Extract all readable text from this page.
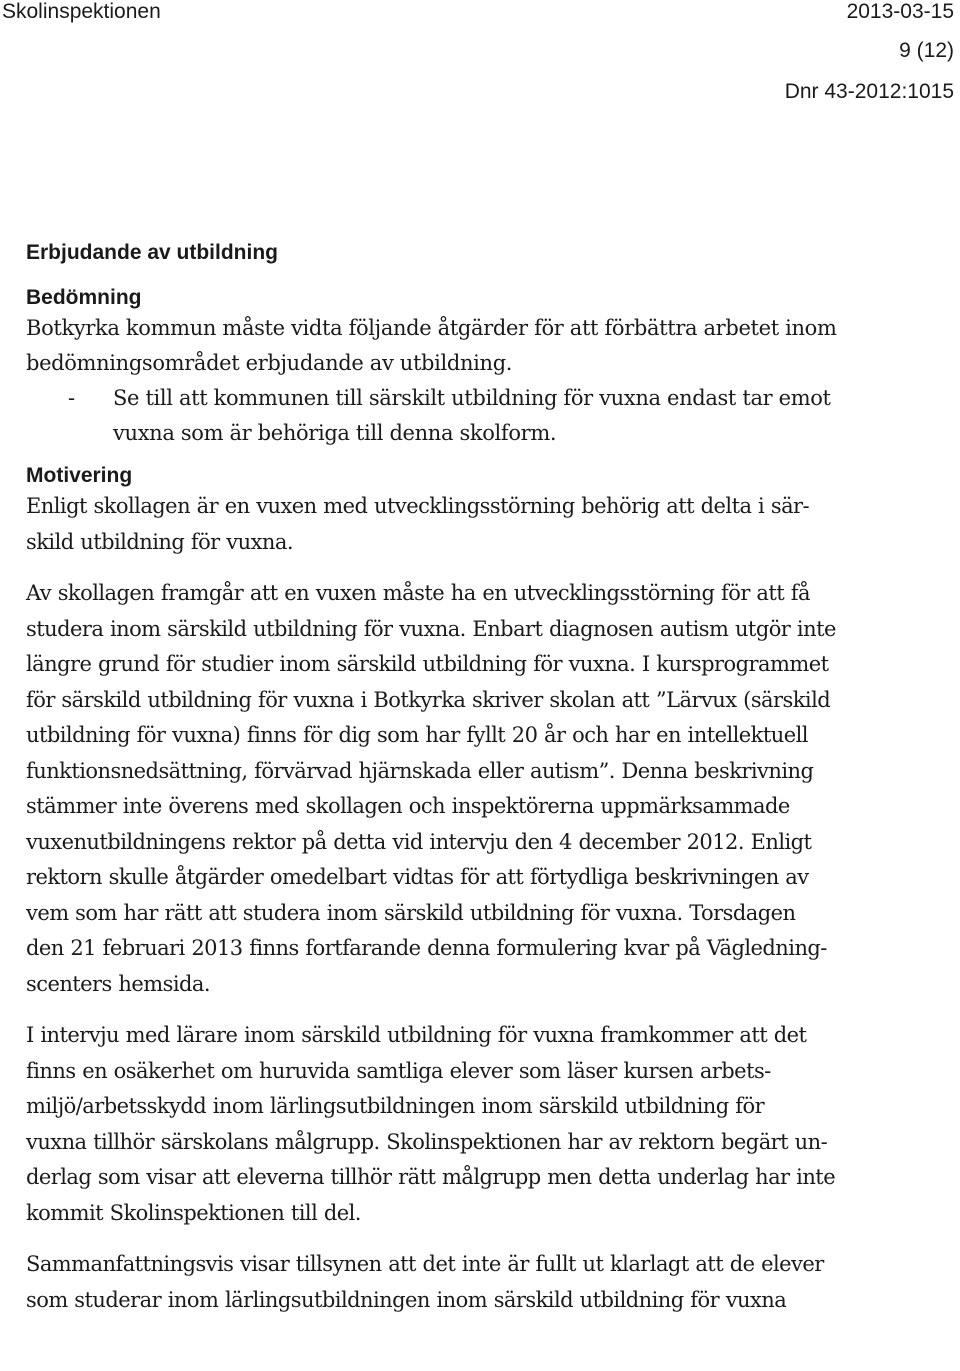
Skolinspektionen	2013-03-15
9 (12)
Dnr 43-2012:1015
Erbjudande av utbildning
Bedömning

Botkyrka kommun måste vidta följande åtgärder för att förbättra arbetet inom
bedömningsområdet erbjudande av utbildning.

-	Se till att kommunen till särskilt utbildning för vuxna endast tar emot
vuxna som är behöriga till denna skolform.
Motivering

Enligt skollagen är en vuxen med utvecklingsstörning behörig att delta i sär-
skild utbildning för vuxna.

Av skollagen framgår att en vuxen måste ha en utvecklingsstörning för att få
studera inom särskild utbildning för vuxna. Enbart diagnosen autism utgör inte
längre grund för studier inom särskild utbildning för vuxna. I kursprogrammet
för särskild utbildning för vuxna i Botkyrka skriver skolan att ”Lärvux (särskild
utbildning för vuxna) finns för dig som har fyllt 20 år och har en intellektuell
funktionsnedsättning, förvärvad hjärnskada eller autism”. Denna beskrivning
stämmer inte överens med skollagen och inspektörerna uppmärksammade
vuxenutbildningens rektor på detta vid intervju den 4 december 2012. Enligt
rektorn skulle åtgärder omedelbart vidtas för att förtydliga beskrivningen av
vem som har rätt att studera inom särskild utbildning för vuxna. Torsdagen
den 21 februari 2013 finns fortfarande denna formulering kvar på Vägledning-
scenters hemsida.

I intervju med lärare inom särskild utbildning för vuxna framkommer att det
finns en osäkerhet om huruvida samtliga elever som läser kursen arbets-
miljö/arbetsskydd inom lärlingsutbildningen inom särskild utbildning för
vuxna tillhör särskolans målgrupp. Skolinspektionen har av rektorn begärt un-
derlag som visar att eleverna tillhör rätt målgrupp men detta underlag har inte
kommit Skolinspektionen till del.

Sammanfattningsvis visar tillsynen att det inte är fullt ut klarlagt att de elever
som studerar inom lärlingsutbildningen inom särskild utbildning för vuxna
